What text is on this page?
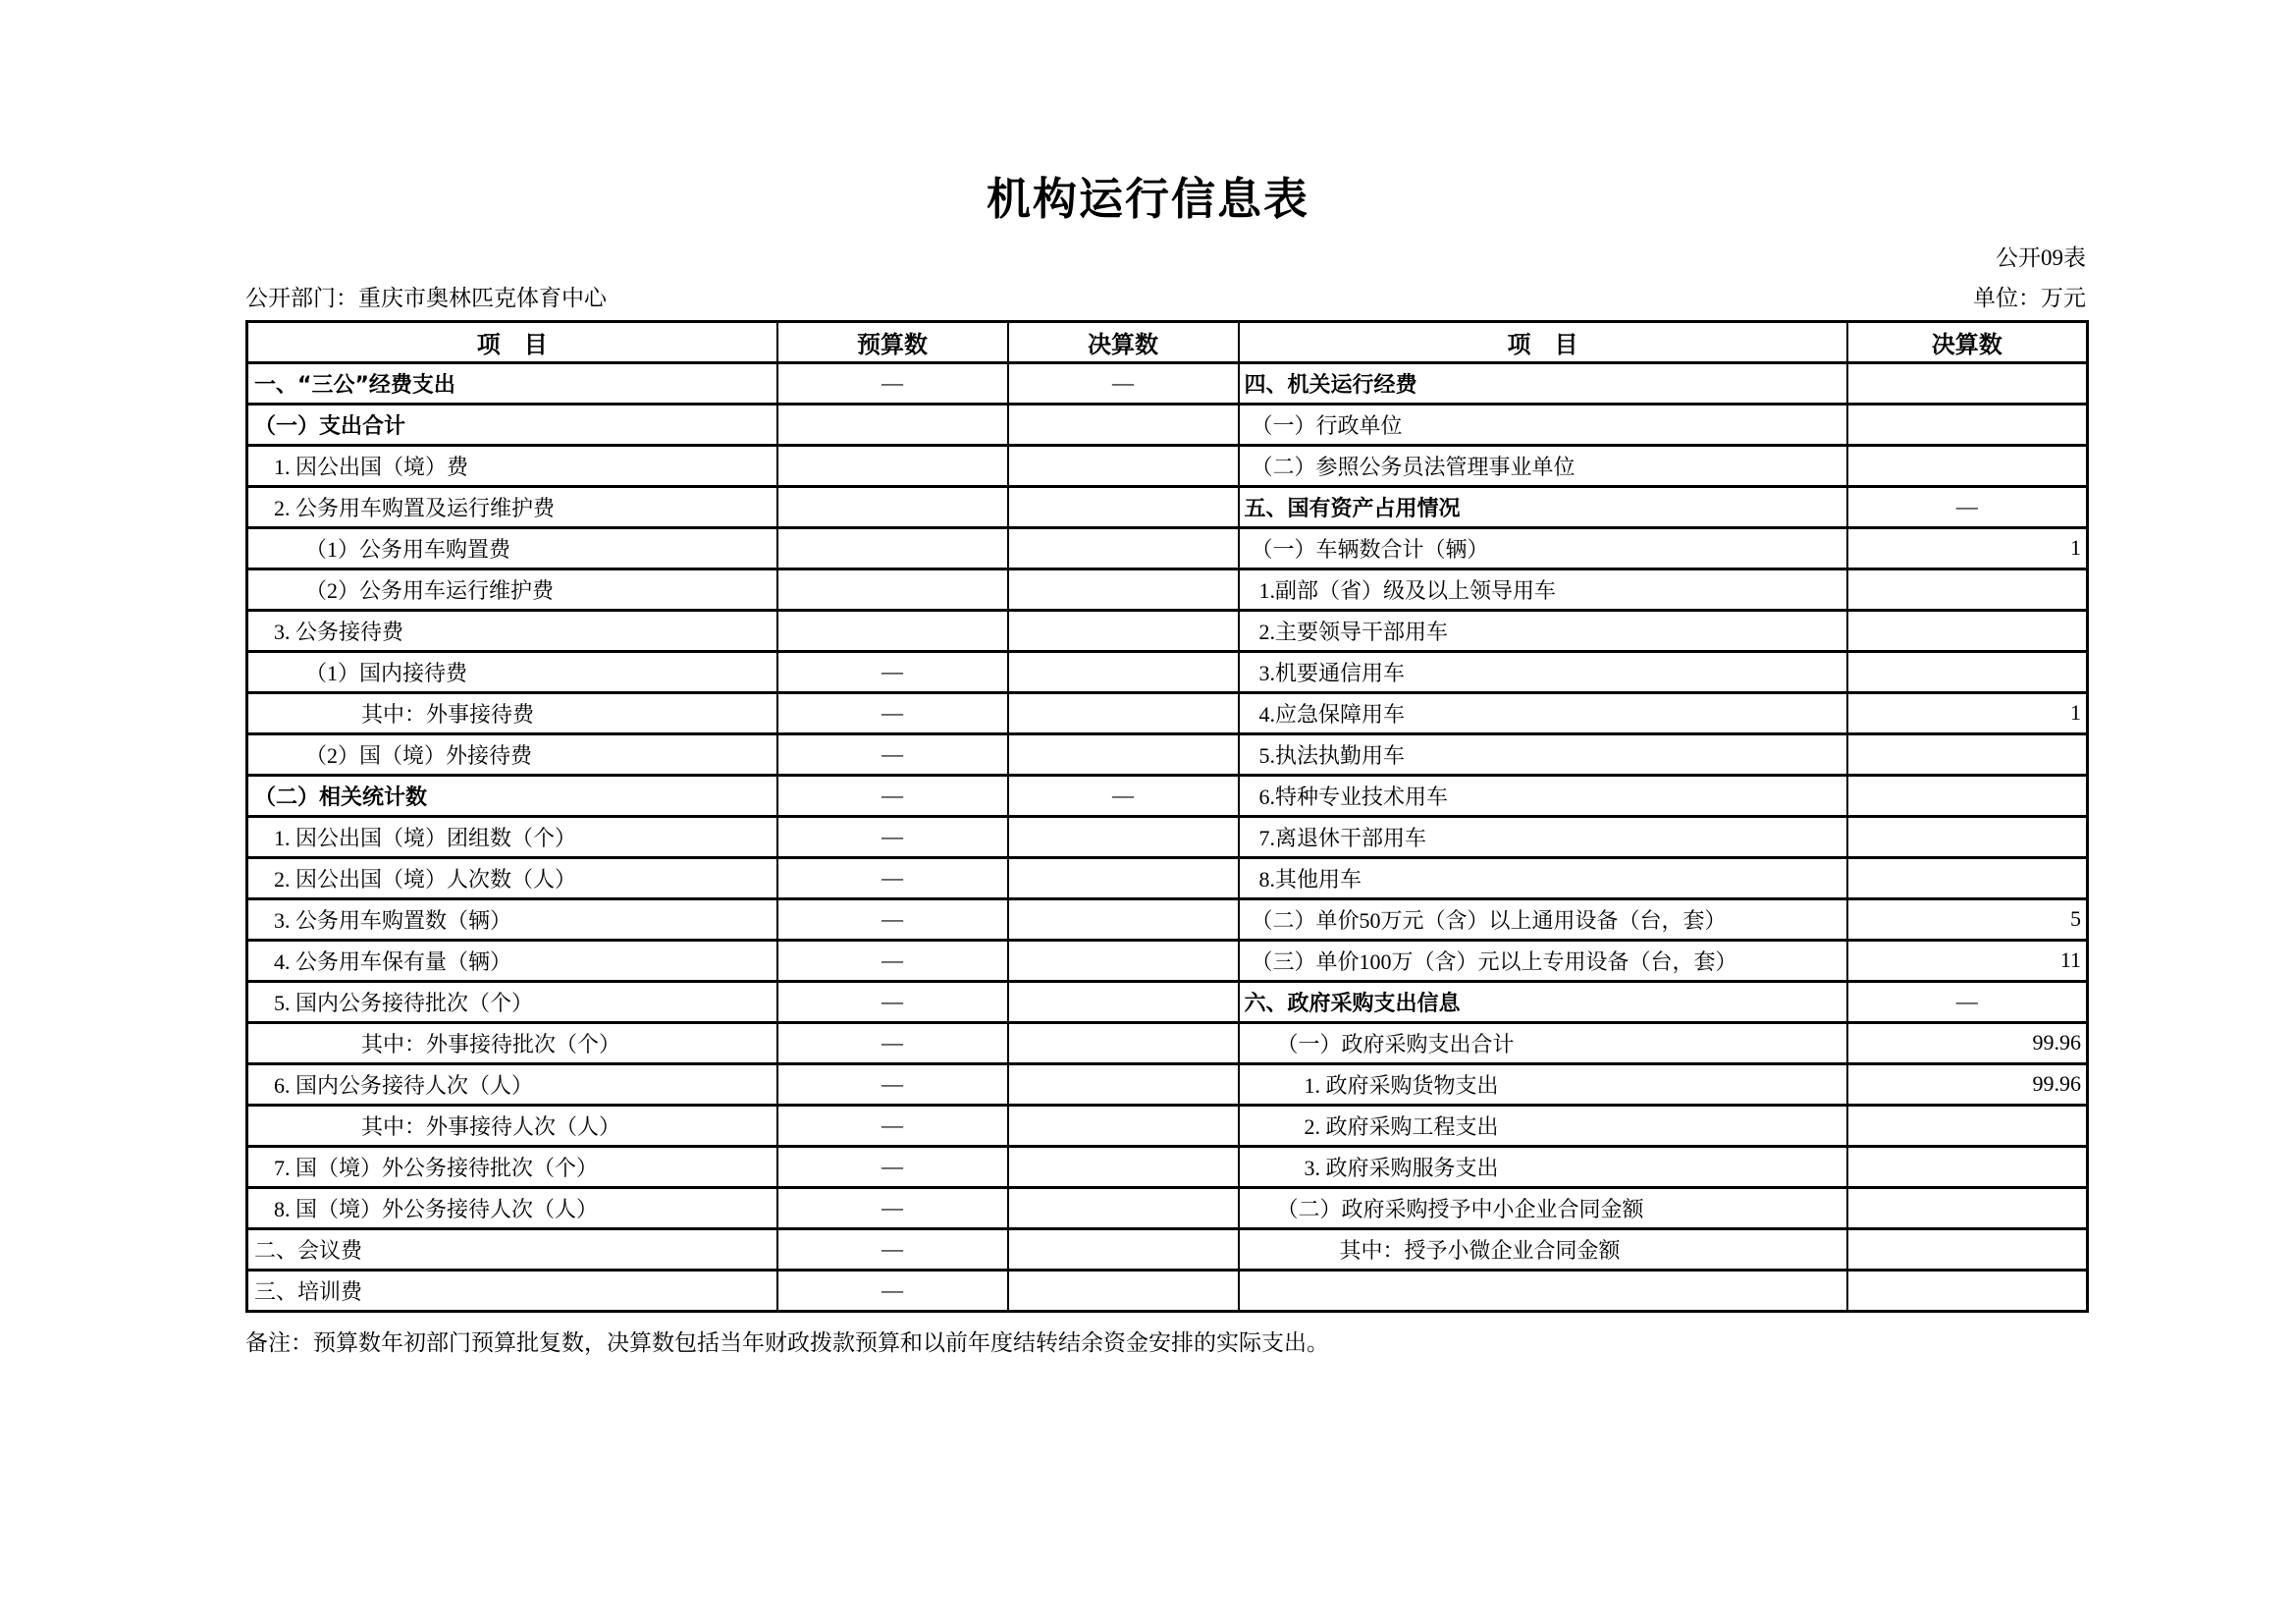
机构运行信息表
公开09表
公开部门：重庆市奥林匹克体育中心	单位：万元
项　目	预算数	决算数	项　目	决算数
一、“三公”经费支出	—	—	四、机关运行经费	
（一）支出合计			（一）行政单位	
1. 因公出国（境）费			（二）参照公务员法管理事业单位	
2. 公务用车购置及运行维护费			五、国有资产占用情况	—
（1）公务用车购置费			（一）车辆数合计（辆）	1
（2）公务用车运行维护费			1.副部（省）级及以上领导用车	
3. 公务接待费			2.主要领导干部用车	
（1）国内接待费	—		3.机要通信用车	
其中：外事接待费	—		4.应急保障用车	1
（2）国（境）外接待费	—		5.执法执勤用车	
（二）相关统计数	—	—	6.特种专业技术用车	
1. 因公出国（境）团组数（个）	—		7.离退休干部用车	
2. 因公出国（境）人次数（人）	—		8.其他用车	
3. 公务用车购置数（辆）	—		（二）单价50万元（含）以上通用设备（台，套）	5
4. 公务用车保有量（辆）	—		（三）单价100万（含）元以上专用设备（台，套）	11
5. 国内公务接待批次（个）	—		六、政府采购支出信息	—
其中：外事接待批次（个）	—		（一）政府采购支出合计	99.96
6. 国内公务接待人次（人）	—		1. 政府采购货物支出	99.96
其中：外事接待人次（人）	—		2. 政府采购工程支出	
7. 国（境）外公务接待批次（个）	—		3. 政府采购服务支出	
8. 国（境）外公务接待人次（人）	—		（二）政府采购授予中小企业合同金额	
二、会议费	—		其中：授予小微企业合同金额	
三、培训费	—			
备注：预算数年初部门预算批复数，决算数包括当年财政拨款预算和以前年度结转结余资金安排的实际支出。
